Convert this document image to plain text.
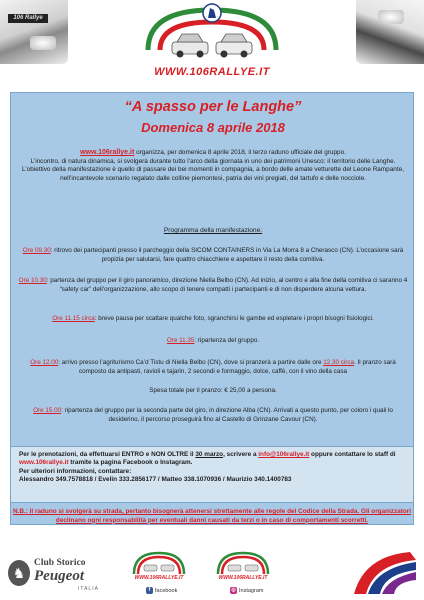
106 Rallye
WWW.106RALLYE.IT
“A spasso per le Langhe”
Domenica 8 aprile 2018
www.106rallye.it organizza, per domenica 8 aprile 2018, il terzo raduno ufficiale del gruppo.
L’incontro, di natura dinamica, si svolgerà durante tutto l’arco della giornata in uno dei patrimoni Unesco: il territorio delle Langhe.
L’obiettivo della manifestazione è quello di passare dei bei momenti in compagnia, a bordo delle amate vetturette del Leone Rampante, nell’incantevole scenario regalato dalle colline piemontesi, patria dei vini pregiati, del tartufo e delle nocciole.
Programma della manifestazione:
Ore 09.30: ritrovo dei partecipanti presso il parcheggio della SICOM CONTAINERS in Via La Morra 8 a Cherasco (CN). L’occasione sarà propizia per salutarsi, fare quattro chiacchiere e aspettare il resto della comitiva.
Ore 10.30: partenza del gruppo per il giro panoramico, direzione Niella Belbo (CN). Ad inizio, al centro e alla fine della comitiva ci saranno 4 “safety car” dell’organizzazione, allo scopo di tenere compatti i partecipanti e di non disperdere alcuna vettura.
Ore 11.15 circa: breve pausa per scattare qualche foto, sgranchirsi le gambe ed espletare i propri bisogni fisiologici.
Ore 11.35: ripartenza del gruppo.
Ore 12.00: arrivo presso l’agriturismo Ca’d Tistu di Niella Belbo (CN), dove si pranzerà a partire dalle ore 12.30 circa. Il pranzo sarà composto da antipasti, ravioli e tajarin, 2 secondi e formaggio, dolce, caffè, con il vino della casa
Spesa totale per il pranzo: € 25,00 a persona.
Ore 15.00: ripartenza del gruppo per la seconda parte del giro, in direzione Alba (CN). Arrivati a questo punto, per coloro i quali lo desiderino, il percorso proseguirà fino al Castello di Grinzane Cavour (CN).
Per le prenotazioni, da effettuarsi ENTRO e NON OLTRE il 30 marzo, scrivere a info@106rallye.it oppure contattare lo staff di www.106rallye.it tramite la pagina Facebook o Instagram.
Per ulteriori informazioni, contattare:
Alessandro 349.7578818 / Evelin 333.2856177 / Matteo 338.1070936 / Maurizio 340.1400783
N.B.: il raduno si svolgerà su strada, pertanto bisognerà attenersi strettamente alle regole del Codice della Strada. Gli organizzatori declinano ogni responsabilità per eventuali danni causati da terzi o in caso di comportamenti scorretti.
♞
Club Storico
Peugeot
ITALIA
WWW.106RALLYE.IT
f facebook
WWW.106RALLYE.IT
◎ Instagram
